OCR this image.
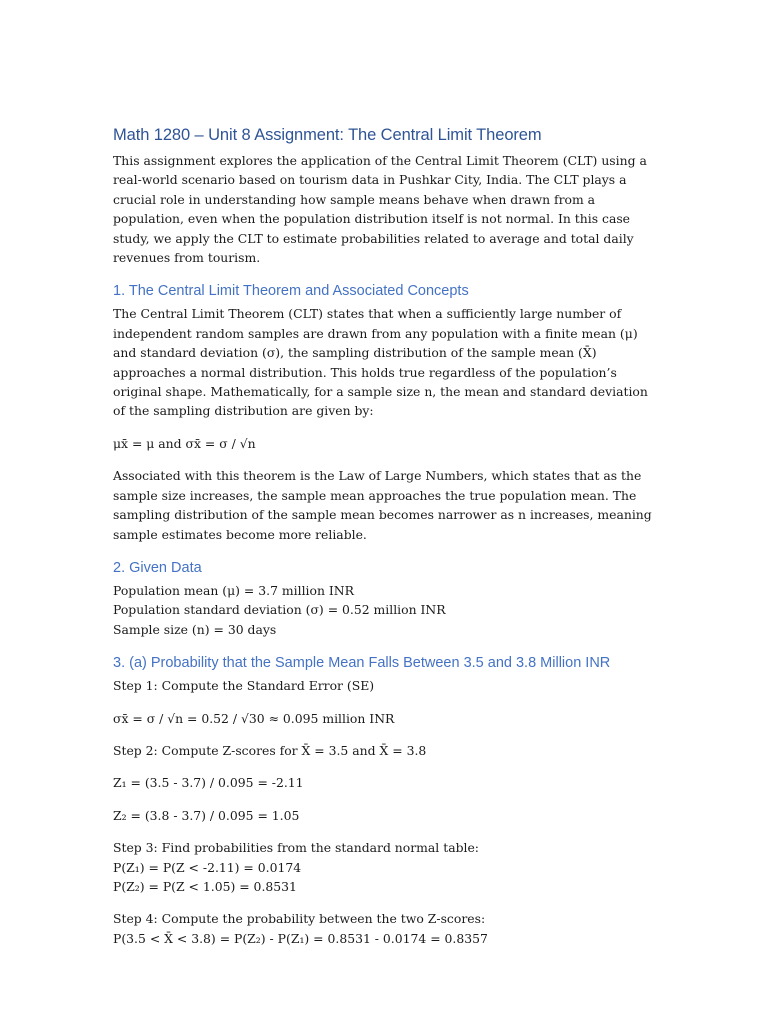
Math 1280 – Unit 8 Assignment: The Central Limit Theorem

This assignment explores the application of the Central Limit Theorem (CLT) using a real-world scenario based on tourism data in Pushkar City, India. The CLT plays a crucial role in understanding how sample means behave when drawn from a population, even when the population distribution itself is not normal. In this case study, we apply the CLT to estimate probabilities related to average and total daily revenues from tourism.

1. The Central Limit Theorem and Associated Concepts

The Central Limit Theorem (CLT) states that when a sufficiently large number of independent random samples are drawn from any population with a finite mean (μ) and standard deviation (σ), the sampling distribution of the sample mean (X̄) approaches a normal distribution. This holds true regardless of the population’s original shape. Mathematically, for a sample size n, the mean and standard deviation of the sampling distribution are given by:

μx̄ = μ and σx̄ = σ / √n

Associated with this theorem is the Law of Large Numbers, which states that as the sample size increases, the sample mean approaches the true population mean. The sampling distribution of the sample mean becomes narrower as n increases, meaning sample estimates become more reliable.

2. Given Data

Population mean (μ) = 3.7 million INR

Population standard deviation (σ) = 0.52 million INR

Sample size (n) = 30 days

3. (a) Probability that the Sample Mean Falls Between 3.5 and 3.8 Million INR

Step 1: Compute the Standard Error (SE)

σx̄ = σ / √n = 0.52 / √30 ≈ 0.095 million INR

Step 2: Compute Z-scores for X̄ = 3.5 and X̄ = 3.8

Z₁ = (3.5 - 3.7) / 0.095 = -2.11

Z₂ = (3.8 - 3.7) / 0.095 = 1.05

Step 3: Find probabilities from the standard normal table:

P(Z₁) = P(Z < -2.11) = 0.0174

P(Z₂) = P(Z < 1.05) = 0.8531

Step 4: Compute the probability between the two Z-scores:

P(3.5 < X̄ < 3.8) = P(Z₂) - P(Z₁) = 0.8531 - 0.0174 = 0.8357
